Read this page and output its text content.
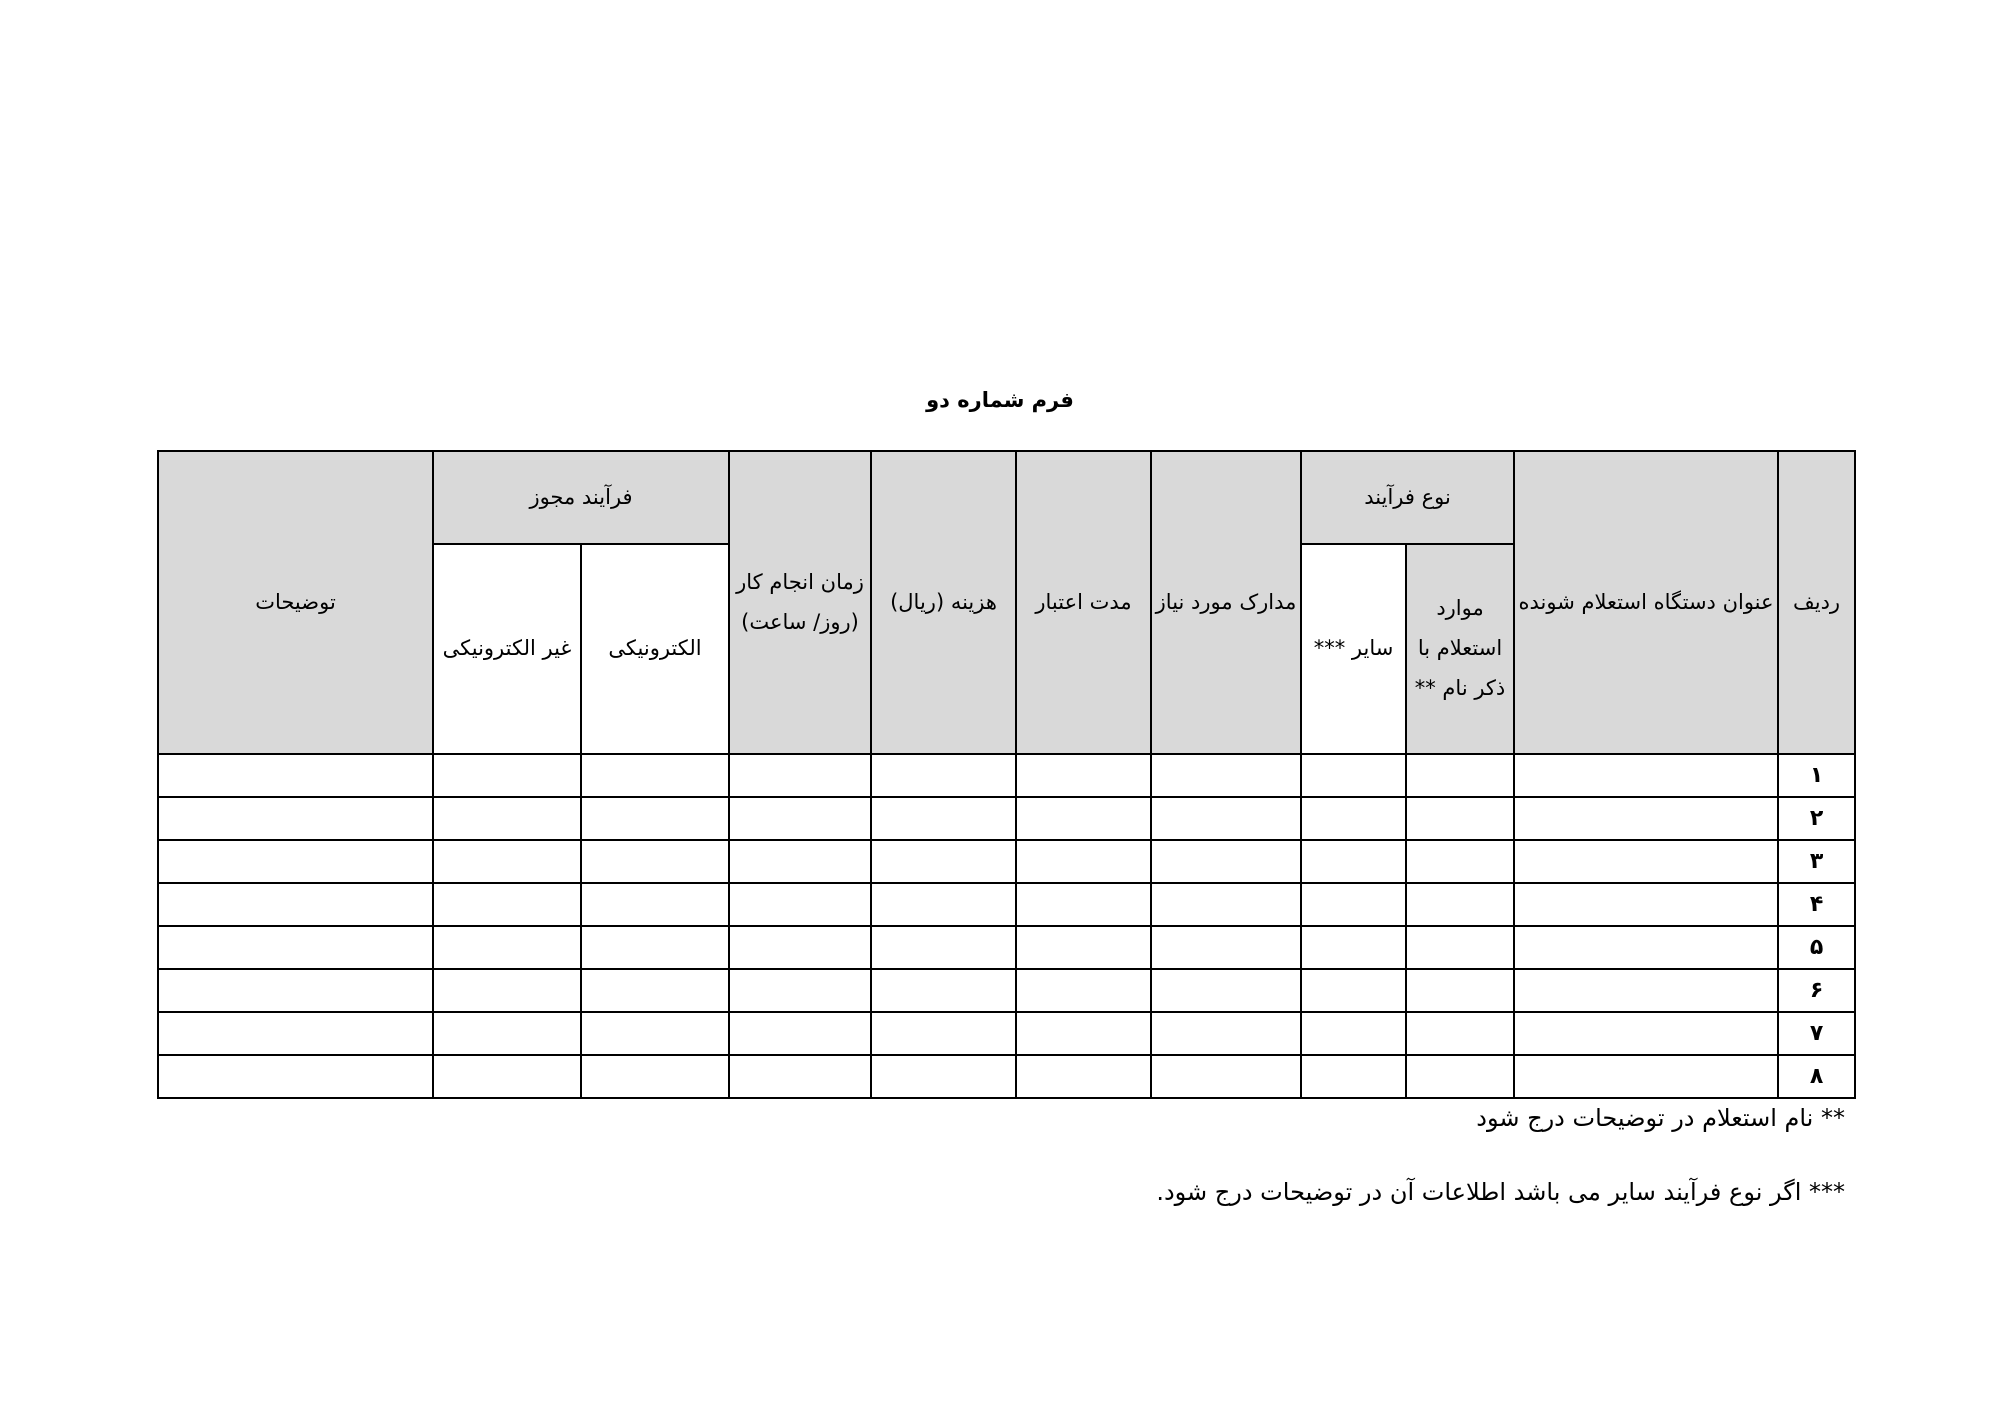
فرم شماره دو
ردیف	عنوان دستگاه استعلام شونده	نوع فرآیند		مدارک مورد نیاز	مدت اعتبار	هزینه (ریال)	زمان انجام کار (روز/ ساعت)	فرآیند مجوز		توضیحات
		موارد استعلام با ذکر نام **	سایر ***					الکترونیکی	غیر الکترونیکی	
۱										
۲										
۳										
۴										
۵										
۶										
۷										
۸										
** نام استعلام در توضیحات درج شود
*** اگر نوع فرآیند سایر می باشد اطلاعات آن در توضیحات درج شود.
